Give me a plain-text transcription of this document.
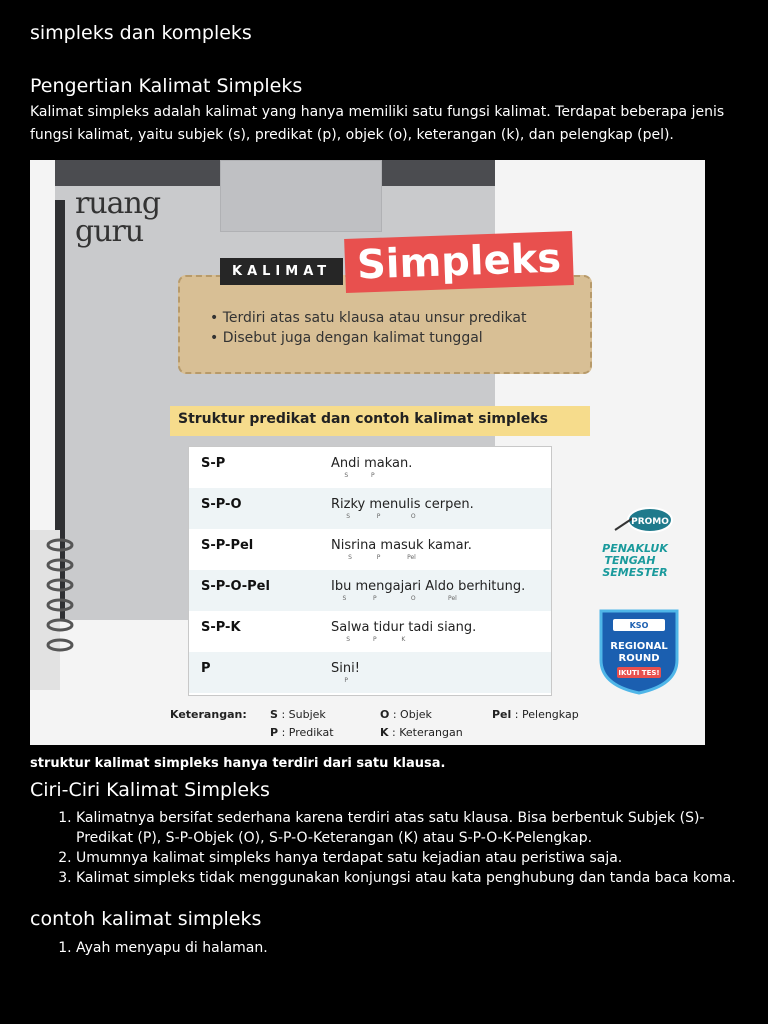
simpleks dan kompleks
Pengertian Kalimat Simpleks

Kalimat simpleks adalah kalimat yang hanya memiliki satu fungsi kalimat. Terdapat beberapa jenis fungsi kalimat, yaitu subjek (s), predikat (p), objek (o), keterangan (k), dan pelengkap (pel).

struktur kalimat simpleks hanya terdiri dari satu klausa.
Ciri-Ciri Kalimat Simpleks
1. Kalimatnya bersifat sederhana karena terdiri atas satu klausa. Bisa berbentuk Subjek (S)-Predikat (P), S-P-Objek (O), S-P-O-Keterangan (K) atau S-P-O-K-Pelengkap.
2. Umumnya kalimat simpleks hanya terdapat satu kejadian atau peristiwa saja.
3. Kalimat simpleks tidak menggunakan konjungsi atau kata penghubung dan tanda baca koma.
contoh kalimat simpleks
1. Ayah menyapu di halaman.
ruang
guru
KALIMAT Simpleks
• Terdiri atas satu klausa atau unsur predikat
• Disebut juga dengan kalimat tunggal
Struktur predikat dan contoh kalimat simpleks
S-P	Andi makan.
S            P
S-P-O	Rizky menulis cerpen.
S              P                O
S-P-Pel	Nisrina masuk kamar.
S             P              Pel
S-P-O-Pel	Ibu mengajari Aldo berhitung.
S              P                  O                 Pel
S-P-K	Salwa tidur tadi siang.
S            P             K
P	Sini!
P
Keterangan: S : Subjek
P : Predikat
O : Objek
K : Keterangan
Pel : Pelengkap
PROMO
PENAKLUK
TENGAH
SEMESTER
KSO
REGIONAL
ROUND
IKUTI TES!
